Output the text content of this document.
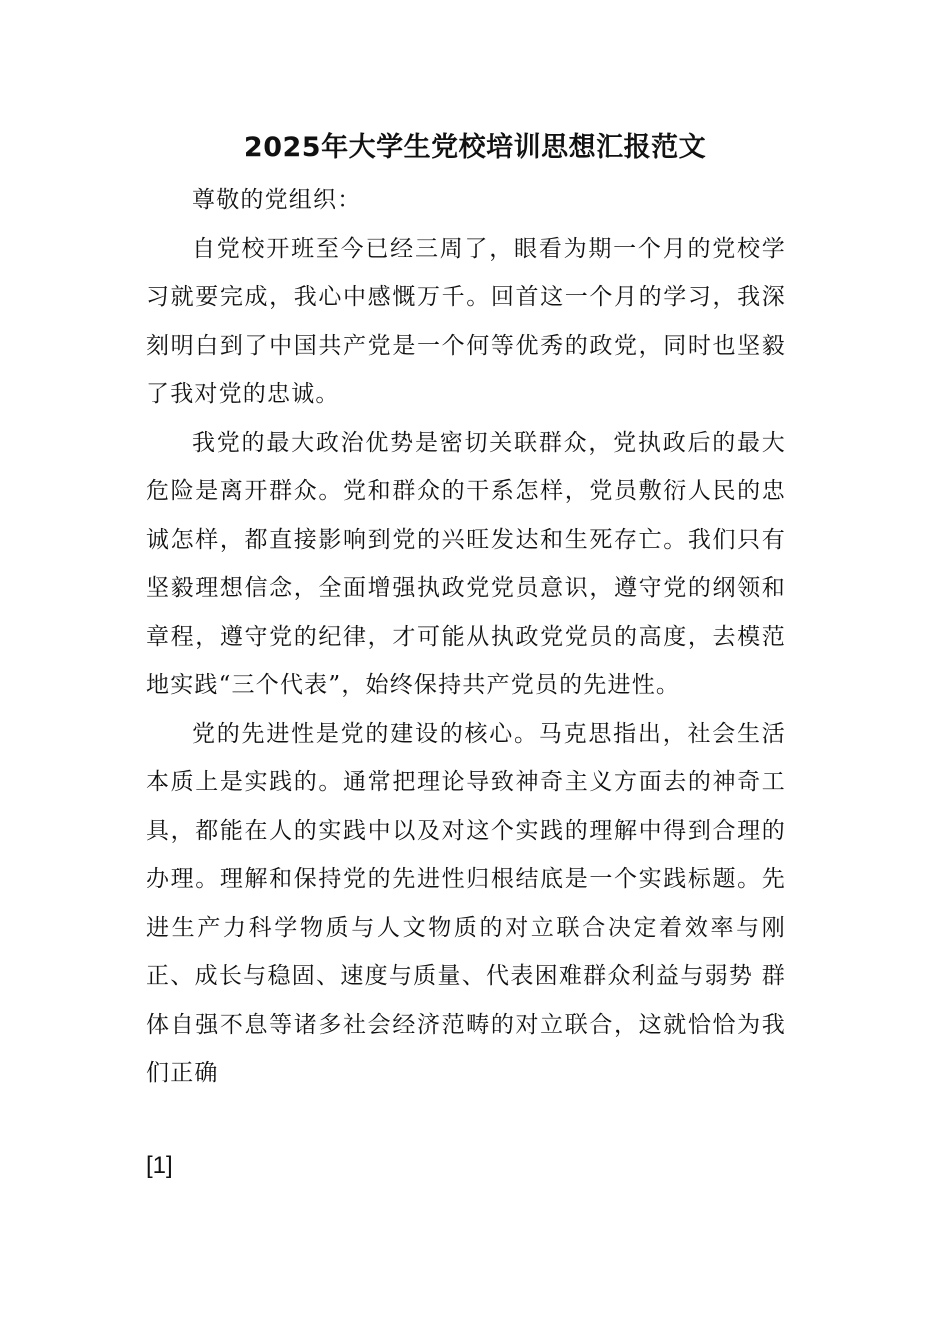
2025年大学生党校培训思想汇报范文

尊敬的党组织：

自党校开班至今已经三周了，眼看为期一个月的党校学习就要完成，我心中感慨万千。回首这一个月的学习，我深刻明白到了中国共产党是一个何等优秀的政党，同时也坚毅了我对党的忠诚。

我党的最大政治优势是密切关联群众，党执政后的最大危险是离开群众。党和群众的干系怎样，党员敷衍人民的忠诚怎样，都直接影响到党的兴旺发达和生死存亡。我们只有坚毅理想信念，全面增强执政党党员意识，遵守党的纲领和章程，遵守党的纪律，才可能从执政党党员的高度，去模范地实践“三个代表”，始终保持共产党员的先进性。

党的先进性是党的建设的核心。马克思指出，社会生活本质上是实践的。通常把理论导致神奇主义方面去的神奇工具，都能在人的实践中以及对这个实践的理解中得到合理的办理。理解和保持党的先进性归根结底是一个实践标题。先进生产力科学物质与人文物质的对立联合决定着效率与刚正、成长与稳固、速度与质量、代表困难群众利益与弱势 群体自强不息等诸多社会经济范畴的对立联合，这就恰恰为我们正确

[1]
